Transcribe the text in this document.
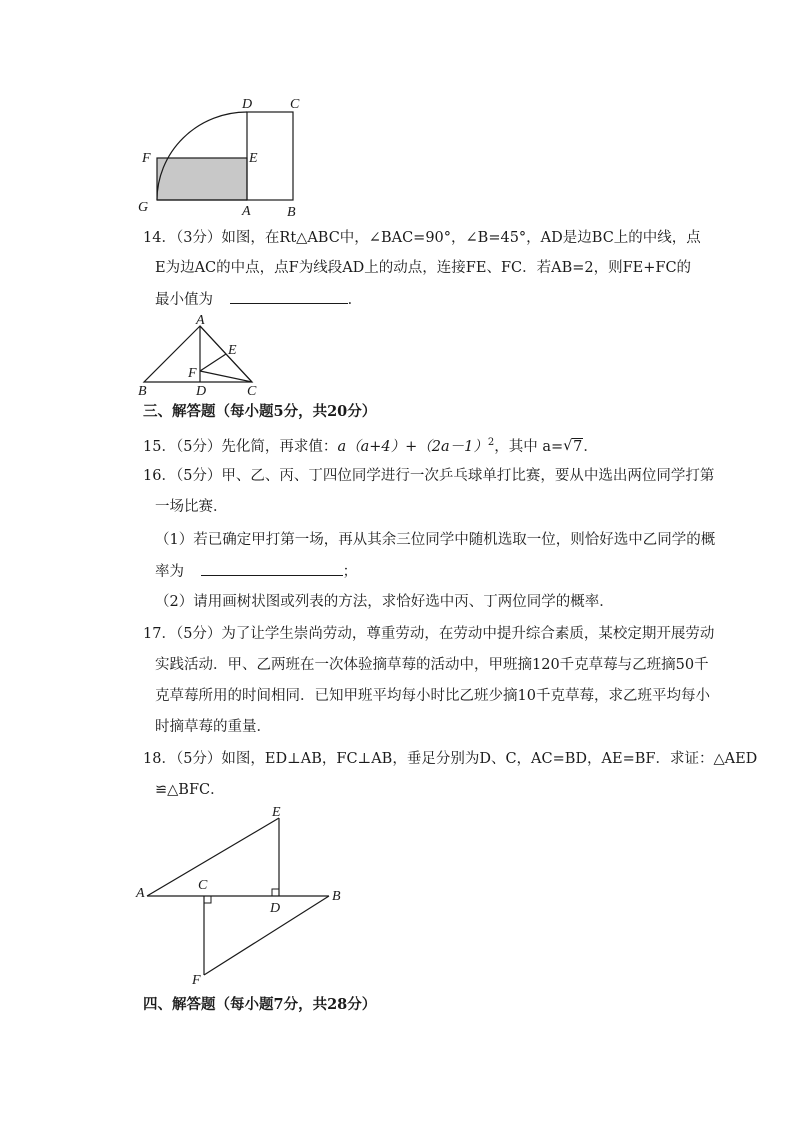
D	C
F	E
G	A	B
14．（3分）如图，在Rt△ABC中，∠BAC=90°，∠B=45°，AD是边BC上的中线，点
E为边AC的中点，点F为线段AD上的动点，连接FE、FC．若AB=2，则FE+FC的
最小值为	．
A
E
F
B	D	C
三、解答题（每小题5分，共20分）
15．（5分）先化简，再求值：$a(a+4)+(2a-1)^2$，其中 a= √ 7．
16．（5分）甲、乙、丙、丁四位同学进行一次乒乓球单打比赛，要从中选出两位同学打第
一场比赛．
（1）若已确定甲打第一场，再从其余三位同学中随机选取一位，则恰好选中乙同学的概
率为	；
（2）请用画树状图或列表的方法，求恰好选中丙、丁两位同学的概率．
17．（5分）为了让学生崇尚劳动，尊重劳动，在劳动中提升综合素质，某校定期开展劳动
实践活动．甲、乙两班在一次体验摘草莓的活动中，甲班摘120千克草莓与乙班摘50千
克草莓所用的时间相同．已知甲班平均每小时比乙班少摘10千克草莓，求乙班平均每小
时摘草莓的重量．
18．（5分）如图，ED⊥AB，FC⊥AB，垂足分别为D、C，AC=BD，AE=BF．求证：△AED
≌△BFC．
E
A
C
D
B
F
四、解答题（每小题7分，共28分）
